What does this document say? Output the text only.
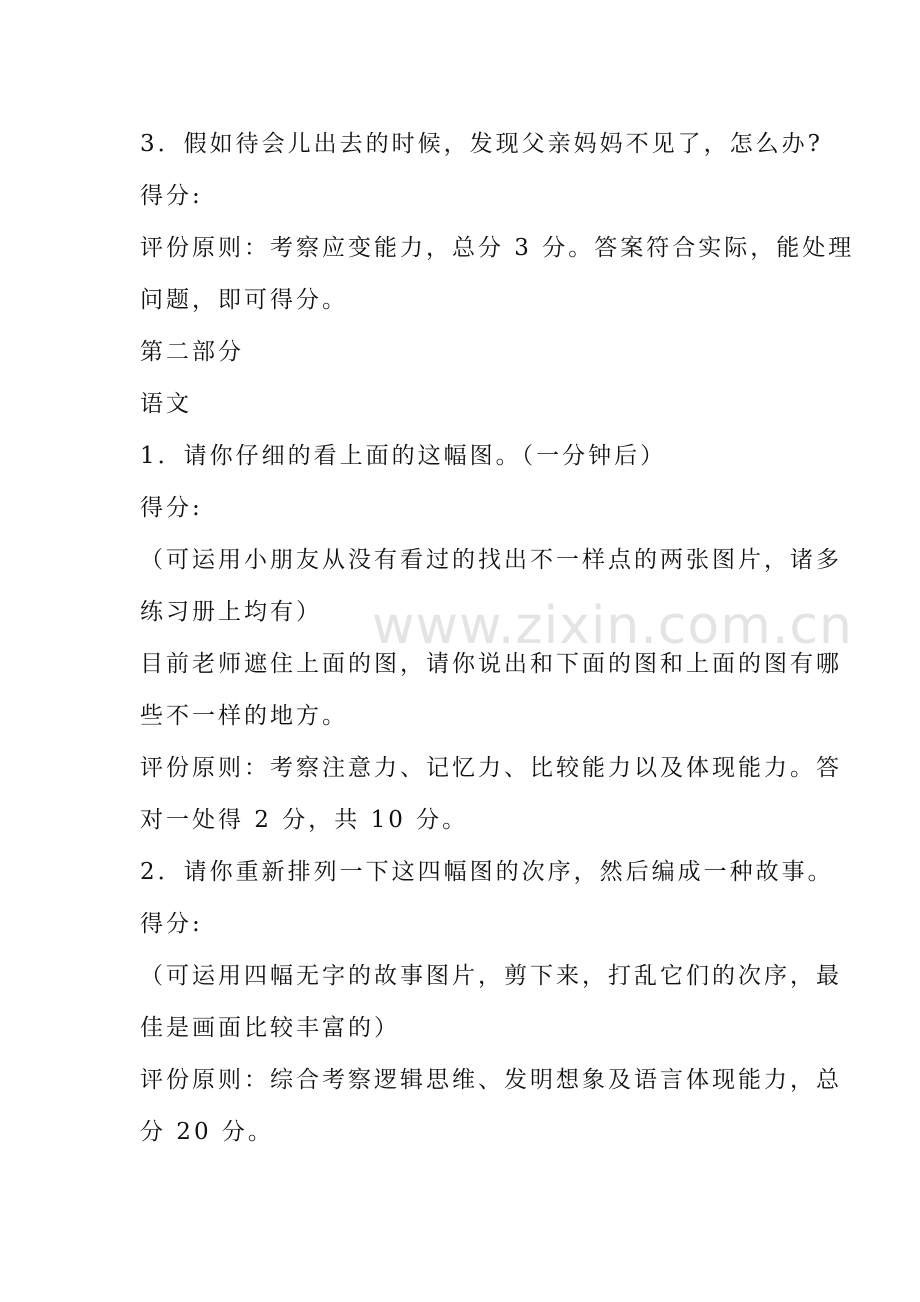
3．假如待会儿出去的时候，发现父亲妈妈不见了，怎么办?
得分:
评份原则：考察应变能力，总分 3 分。答案符合实际，能处理
问题，即可得分。
第二部分
语文
1．请你仔细的看上面的这幅图。（一分钟后）
得分:
（可运用小朋友从没有看过的找出不一样点的两张图片，诸多
练习册上均有）
目前老师遮住上面的图，请你说出和下面的图和上面的图有哪
些不一样的地方。
评份原则：考察注意力、记忆力、比较能力以及体现能力。答
对一处得 2 分，共 10 分。
2．请你重新排列一下这四幅图的次序，然后编成一种故事。
得分:
（可运用四幅无字的故事图片，剪下来，打乱它们的次序，最
佳是画面比较丰富的）
评份原则：综合考察逻辑思维、发明想象及语言体现能力，总
分 20 分。
www.zixin.com.cn
